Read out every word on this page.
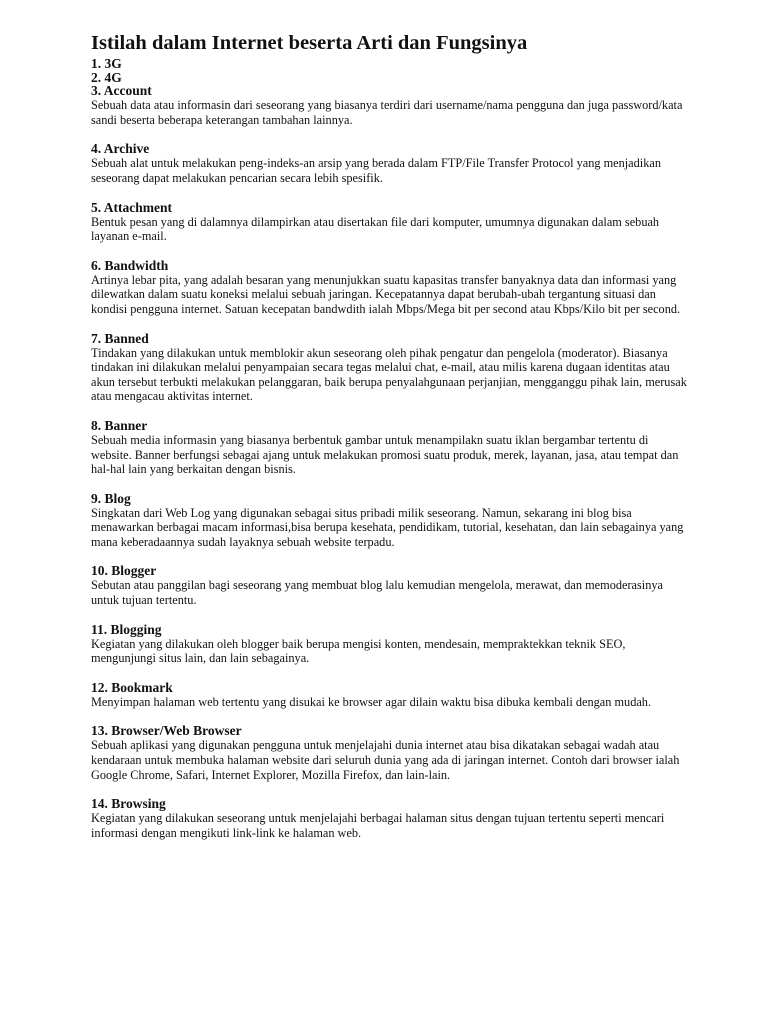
Istilah dalam Internet beserta Arti dan Fungsinya
1. 3G
2. 4G
3. Account

Sebuah data atau informasin dari seseorang yang biasanya terdiri dari username/nama pengguna dan juga password/kata sandi beserta beberapa keterangan tambahan lainnya.

4. Archive

Sebuah alat untuk melakukan peng-indeks-an arsip yang berada dalam FTP/File Transfer Protocol yang menjadikan seseorang dapat melakukan pencarian secara lebih spesifik.

5. Attachment

Bentuk pesan yang di dalamnya dilampirkan atau disertakan file dari komputer, umumnya digunakan dalam sebuah layanan e-mail.

6. Bandwidth

Artinya lebar pita, yang adalah besaran yang menunjukkan suatu kapasitas transfer banyaknya data dan informasi yang dilewatkan dalam suatu koneksi melalui sebuah jaringan. Kecepatannya dapat berubah-ubah tergantung situasi dan kondisi pengguna internet. Satuan kecepatan bandwdith ialah Mbps/Mega bit per second atau Kbps/Kilo bit per second.

7. Banned

Tindakan yang dilakukan untuk memblokir akun seseorang oleh pihak pengatur dan pengelola (moderator). Biasanya tindakan ini dilakukan melalui penyampaian secara tegas melalui chat, e-mail, atau milis karena dugaan identitas atau akun tersebut terbukti melakukan pelanggaran, baik berupa penyalahgunaan perjanjian, mengganggu pihak lain, merusak atau mengacau aktivitas internet.

8. Banner

Sebuah media informasin yang biasanya berbentuk gambar untuk menampilakn suatu iklan bergambar tertentu di website. Banner berfungsi sebagai ajang untuk melakukan promosi suatu produk, merek, layanan, jasa, atau tempat dan hal-hal lain yang berkaitan dengan bisnis.

9. Blog

Singkatan dari Web Log yang digunakan sebagai situs pribadi milik seseorang. Namun, sekarang ini blog bisa menawarkan berbagai macam informasi,bisa berupa kesehata, pendidikam, tutorial, kesehatan, dan lain sebagainya yang mana keberadaannya sudah layaknya sebuah website terpadu.

10. Blogger

Sebutan atau panggilan bagi seseorang yang membuat blog lalu kemudian mengelola, merawat, dan memoderasinya untuk tujuan tertentu.

11. Blogging

Kegiatan yang dilakukan oleh blogger baik berupa mengisi konten, mendesain, mempraktekkan teknik SEO, mengunjungi situs lain, dan lain sebagainya.

12. Bookmark

Menyimpan halaman web tertentu yang disukai ke browser agar dilain waktu bisa dibuka kembali dengan mudah.

13. Browser/Web Browser

Sebuah aplikasi yang digunakan pengguna untuk menjelajahi dunia internet atau bisa dikatakan sebagai wadah atau kendaraan untuk membuka halaman website dari seluruh dunia yang ada di jaringan internet. Contoh dari browser ialah Google Chrome, Safari, Internet Explorer, Mozilla Firefox, dan lain-lain.

14. Browsing

Kegiatan yang dilakukan seseorang untuk menjelajahi berbagai halaman situs dengan tujuan tertentu seperti mencari informasi dengan mengikuti link-link ke halaman web.
